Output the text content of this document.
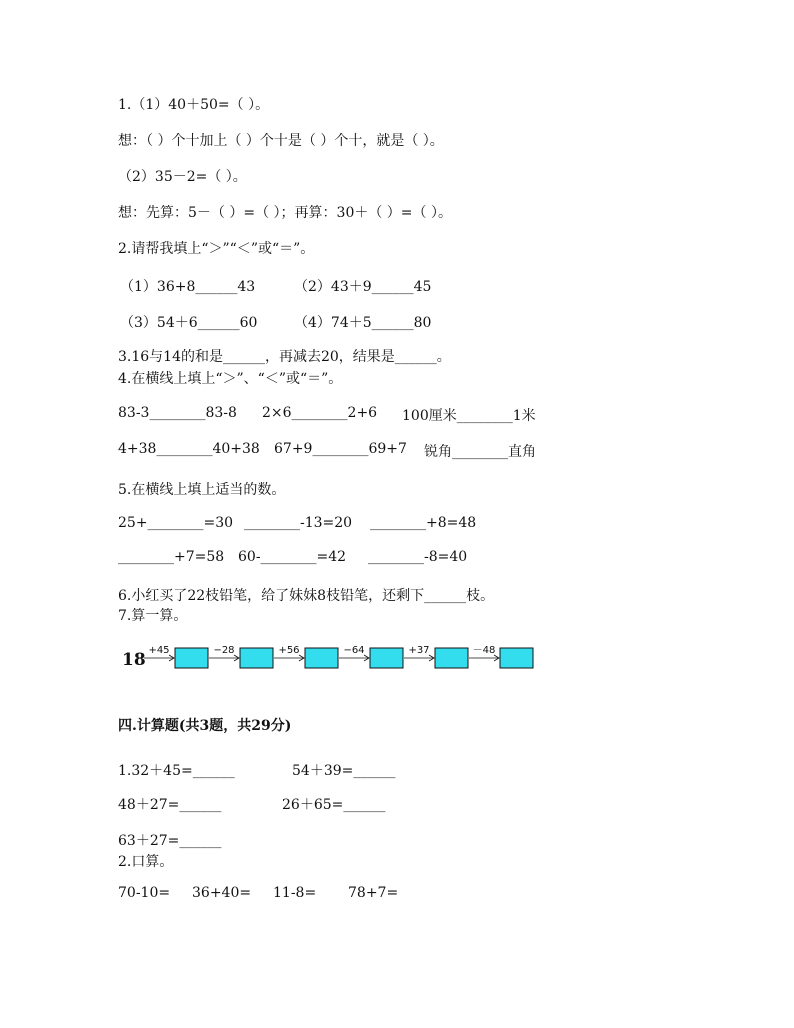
1.（1）40＋50=（ ）。
想：（ ）个十加上（ ）个十是（ ）个十，就是（ ）。
（2）35－2=（ ）。
想：先算：5－（ ）=（ ）；再算：30＋（ ）=（ ）。
2.请帮我填上“＞”“＜”或“＝”。
（1）36+8______43	（2）43＋9______45
（3）54＋6______60	（4）74＋5______80
3.16与14的和是______，再减去20，结果是______。
4.在横线上填上“＞”、“＜”或“＝”。
83-3________83-8 2×6________2+6 100厘米________1米
4+38________40+38 67+9________69+7 锐角________直角
5.在横线上填上适当的数。
25+________=30 ________-13=20 ________+8=48
________+7=58 60-________=42 ________-8=40
6.小红买了22枝铅笔，给了妹妹8枝铅笔，还剩下______枝。
7.算一算。
18 +45	−28	+56	−64	+37	－48
四.计算题(共3题，共29分)
1.32＋45=______	54＋39=______
48＋27=______	26＋65=______
63＋27=______
2.口算。
70-10= 36+40= 11-8= 78+7=
